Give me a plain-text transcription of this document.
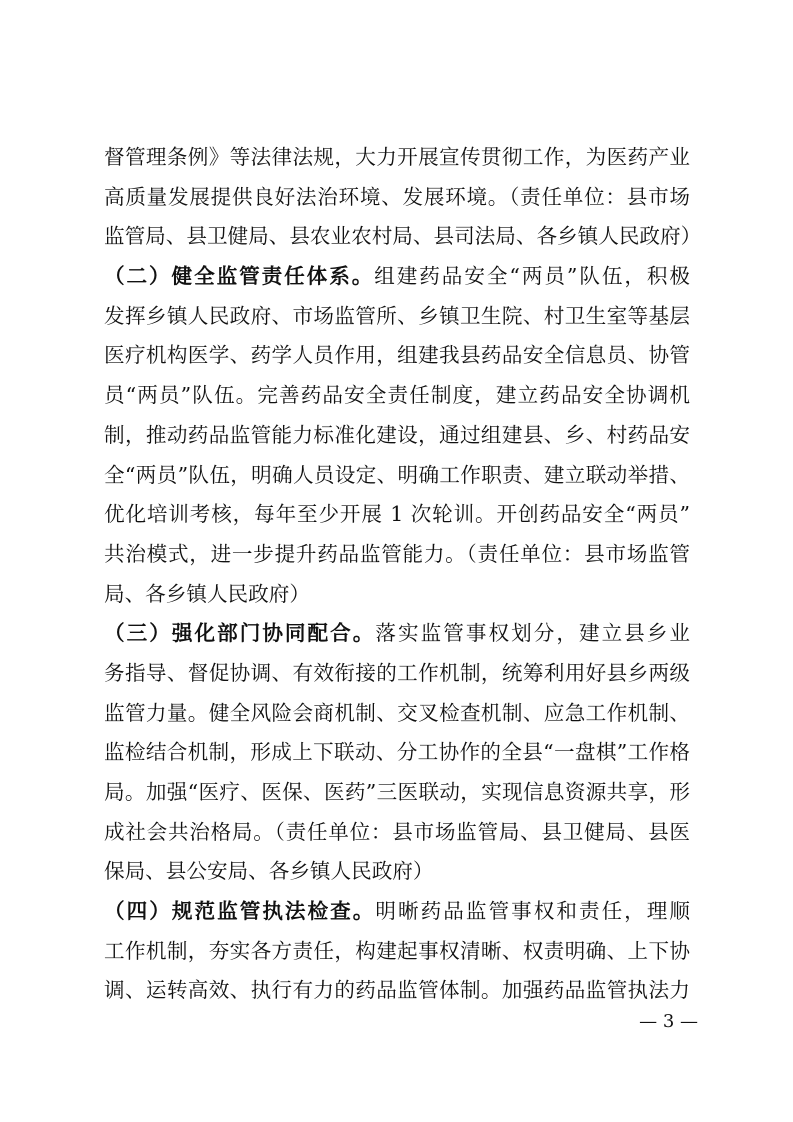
督管理条例》等法律法规，大力开展宣传贯彻工作，为医药产业
高质量发展提供良好法治环境、发展环境。（责任单位：县市场
监管局、县卫健局、县农业农村局、县司法局、各乡镇人民政府）
（二）健全监管责任体系。组建药品安全“两员”队伍，积极
发挥乡镇人民政府、市场监管所、乡镇卫生院、村卫生室等基层
医疗机构医学、药学人员作用，组建我县药品安全信息员、协管
员“两员”队伍。完善药品安全责任制度，建立药品安全协调机
制，推动药品监管能力标准化建设，通过组建县、乡、村药品安
全“两员”队伍，明确人员设定、明确工作职责、建立联动举措、
优化培训考核，每年至少开展 1 次轮训。开创药品安全“两员”
共治模式，进一步提升药品监管能力。（责任单位：县市场监管
局、各乡镇人民政府）
（三）强化部门协同配合。落实监管事权划分，建立县乡业
务指导、督促协调、有效衔接的工作机制，统筹利用好县乡两级
监管力量。健全风险会商机制、交叉检查机制、应急工作机制、
监检结合机制，形成上下联动、分工协作的全县“一盘棋”工作格
局。加强“医疗、医保、医药”三医联动，实现信息资源共享，形
成社会共治格局。（责任单位：县市场监管局、县卫健局、县医
保局、县公安局、各乡镇人民政府）
（四）规范监管执法检查。明晰药品监管事权和责任，理顺
工作机制，夯实各方责任，构建起事权清晰、权责明确、上下协
调、运转高效、执行有力的药品监管体制。加强药品监管执法力
— 3 —
